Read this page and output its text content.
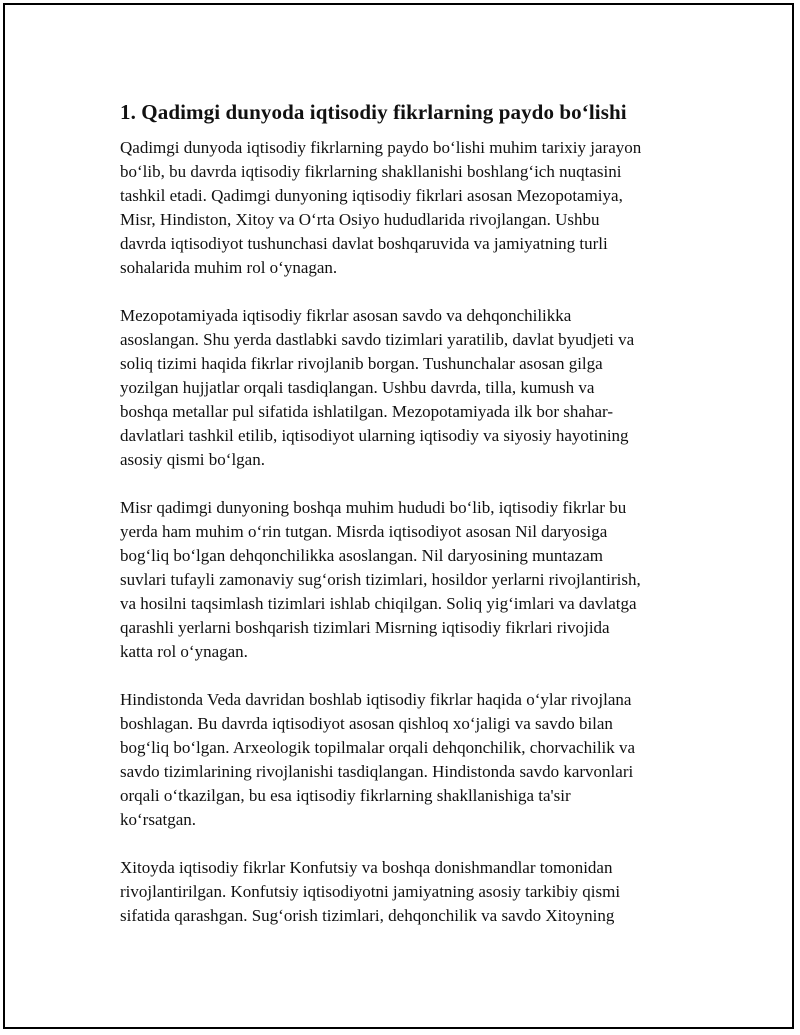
1. Qadimgi dunyoda iqtisodiy fikrlarning paydo bo‘lishi
Qadimgi dunyoda iqtisodiy fikrlarning paydo bo‘lishi muhim tarixiy jarayon
bo‘lib, bu davrda iqtisodiy fikrlarning shakllanishi boshlang‘ich nuqtasini
tashkil etadi. Qadimgi dunyoning iqtisodiy fikrlari asosan Mezopotamiya,
Misr, Hindiston, Xitoy va O‘rta Osiyo hududlarida rivojlangan. Ushbu
davrda iqtisodiyot tushunchasi davlat boshqaruvida va jamiyatning turli
sohalarida muhim rol o‘ynagan.
Mezopotamiyada iqtisodiy fikrlar asosan savdo va dehqonchilikka
asoslangan. Shu yerda dastlabki savdo tizimlari yaratilib, davlat byudjeti va
soliq tizimi haqida fikrlar rivojlanib borgan. Tushunchalar asosan gilga
yozilgan hujjatlar orqali tasdiqlangan. Ushbu davrda, tilla, kumush va
boshqa metallar pul sifatida ishlatilgan. Mezopotamiyada ilk bor shahar-
davlatlari tashkil etilib, iqtisodiyot ularning iqtisodiy va siyosiy hayotining
asosiy qismi bo‘lgan.
Misr qadimgi dunyoning boshqa muhim hududi bo‘lib, iqtisodiy fikrlar bu
yerda ham muhim o‘rin tutgan. Misrda iqtisodiyot asosan Nil daryosiga
bog‘liq bo‘lgan dehqonchilikka asoslangan. Nil daryosining muntazam
suvlari tufayli zamonaviy sug‘orish tizimlari, hosildor yerlarni rivojlantirish,
va hosilni taqsimlash tizimlari ishlab chiqilgan. Soliq yig‘imlari va davlatga
qarashli yerlarni boshqarish tizimlari Misrning iqtisodiy fikrlari rivojida
katta rol o‘ynagan.
Hindistonda Veda davridan boshlab iqtisodiy fikrlar haqida o‘ylar rivojlana
boshlagan. Bu davrda iqtisodiyot asosan qishloq xo‘jaligi va savdo bilan
bog‘liq bo‘lgan. Arxeologik topilmalar orqali dehqonchilik, chorvachilik va
savdo tizimlarining rivojlanishi tasdiqlangan. Hindistonda savdo karvonlari
orqali o‘tkazilgan, bu esa iqtisodiy fikrlarning shakllanishiga ta'sir
ko‘rsatgan.
Xitoyda iqtisodiy fikrlar Konfutsiy va boshqa donishmandlar tomonidan
rivojlantirilgan. Konfutsiy iqtisodiyotni jamiyatning asosiy tarkibiy qismi
sifatida qarashgan. Sug‘orish tizimlari, dehqonchilik va savdo Xitoyning
